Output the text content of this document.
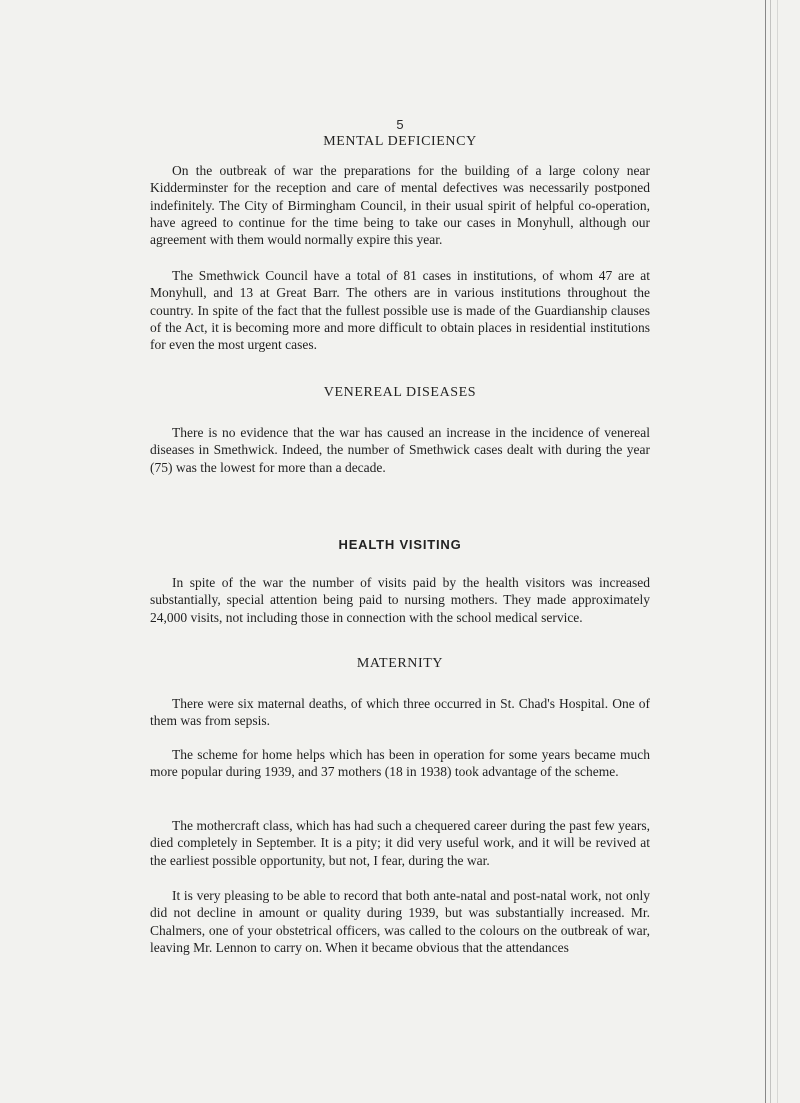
5
MENTAL DEFICIENCY

On the outbreak of war the preparations for the building of a large colony near Kidderminster for the reception and care of mental defectives was necessarily postponed indefinitely. The City of Birmingham Council, in their usual spirit of helpful co-operation, have agreed to continue for the time being to take our cases in Monyhull, although our agreement with them would normally expire this year.

The Smethwick Council have a total of 81 cases in institutions, of whom 47 are at Monyhull, and 13 at Great Barr. The others are in various institutions throughout the country. In spite of the fact that the fullest possible use is made of the Guardianship clauses of the Act, it is becoming more and more difficult to obtain places in residential institutions for even the most urgent cases.

VENEREAL DISEASES

There is no evidence that the war has caused an increase in the incidence of venereal diseases in Smethwick. Indeed, the number of Smethwick cases dealt with during the year (75) was the lowest for more than a decade.

HEALTH VISITING

In spite of the war the number of visits paid by the health visitors was increased substantially, special attention being paid to nursing mothers. They made approximately 24,000 visits, not including those in connection with the school medical service.

MATERNITY

There were six maternal deaths, of which three occurred in St. Chad's Hospital. One of them was from sepsis.

The scheme for home helps which has been in operation for some years became much more popular during 1939, and 37 mothers (18 in 1938) took advantage of the scheme.

The mothercraft class, which has had such a chequered career during the past few years, died completely in September. It is a pity; it did very useful work, and it will be revived at the earliest possible opportunity, but not, I fear, during the war.

It is very pleasing to be able to record that both ante-natal and post-natal work, not only did not decline in amount or quality during 1939, but was substantially increased. Mr. Chalmers, one of your obstetrical officers, was called to the colours on the outbreak of war, leaving Mr. Lennon to carry on. When it became obvious that the attendances
